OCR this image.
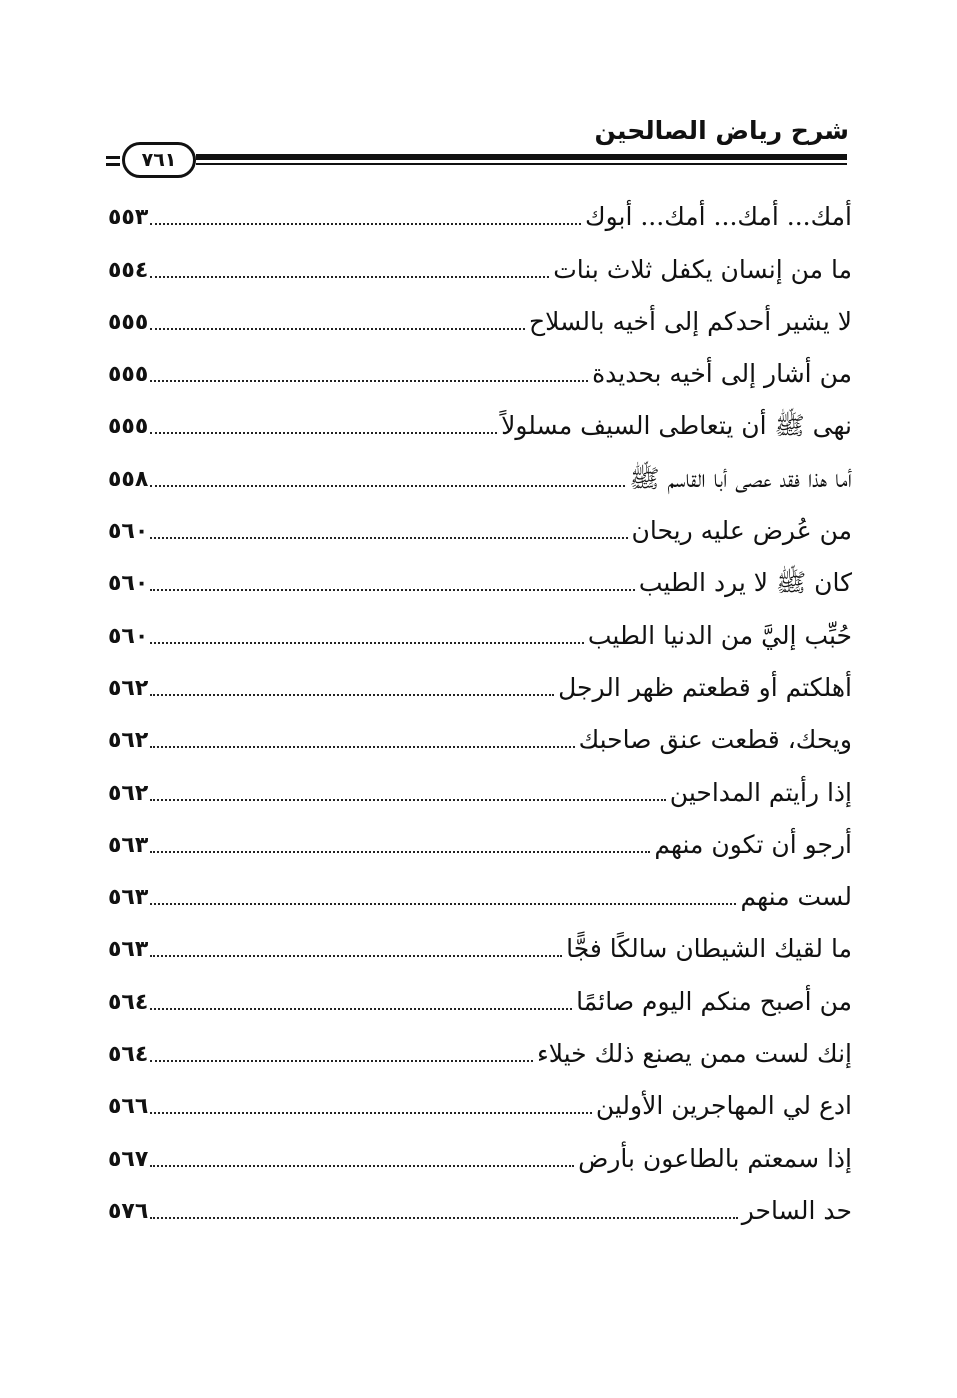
شرح رياض الصالحين
٧٦١
أمك... أمك... أمك... أبوك
٥٥٣
ما من إنسان يكفل ثلاث بنات
٥٥٤
لا يشير أحدكم إلى أخيه بالسلاح
٥٥٥
من أشار إلى أخيه بحديدة
٥٥٥
نهى ﷺ أن يتعاطى السيف مسلولاً
٥٥٥
أما هذا فقد عصى أبا القاسم ﷺ
٥٥٨
من عُرض عليه ريحان
٥٦٠
كان ﷺ لا يرد الطيب
٥٦٠
حُبِّب إليَّ من الدنيا الطيب
٥٦٠
أهلكتم أو قطعتم ظهر الرجل
٥٦٢
ويحك، قطعت عنق صاحبك
٥٦٢
إذا رأيتم المداحين
٥٦٢
أرجو أن تكون منهم
٥٦٣
لست منهم
٥٦٣
ما لقيك الشيطان سالكًا فجًّا
٥٦٣
من أصبح منكم اليوم صائمًا
٥٦٤
إنك لست ممن يصنع ذلك خيلاء
٥٦٤
ادع لي المهاجرين الأولين
٥٦٦
إذا سمعتم بالطاعون بأرض
٥٦٧
حد الساحر
٥٧٦
